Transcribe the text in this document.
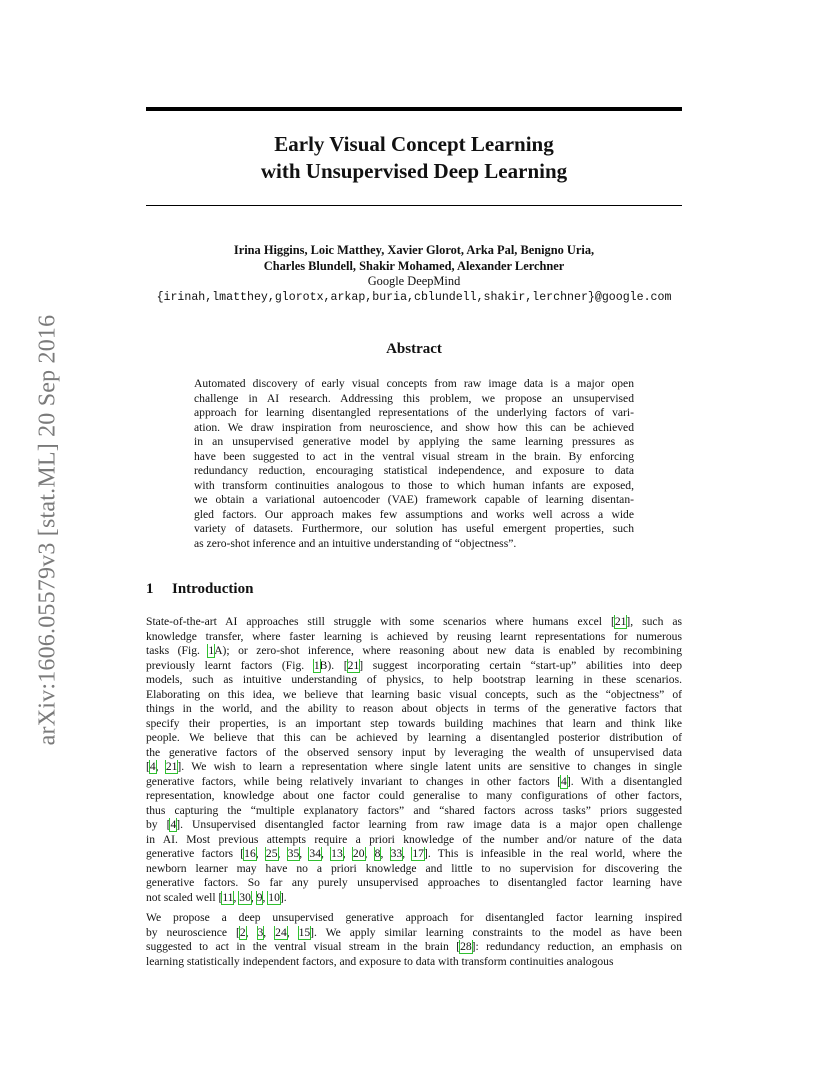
arXiv:1606.05579v3 [stat.ML] 20 Sep 2016
Early Visual Concept Learning
with Unsupervised Deep Learning
Irina Higgins, Loic Matthey, Xavier Glorot, Arka Pal, Benigno Uria,
Charles Blundell, Shakir Mohamed, Alexander Lerchner
Google DeepMind
{irinah,lmatthey,glorotx,arkap,buria,cblundell,shakir,lerchner}@google.com
Abstract
Automated discovery of early visual concepts from raw image data is a major open
challenge in AI research. Addressing this problem, we propose an unsupervised
approach for learning disentangled representations of the underlying factors of vari-
ation. We draw inspiration from neuroscience, and show how this can be achieved
in an unsupervised generative model by applying the same learning pressures as
have been suggested to act in the ventral visual stream in the brain. By enforcing
redundancy reduction, encouraging statistical independence, and exposure to data
with transform continuities analogous to those to which human infants are exposed,
we obtain a variational autoencoder (VAE) framework capable of learning disentan-
gled factors. Our approach makes few assumptions and works well across a wide
variety of datasets. Furthermore, our solution has useful emergent properties, such
as zero-shot inference and an intuitive understanding of “objectness”.
1 Introduction
State-of-the-art AI approaches still struggle with some scenarios where humans excel [21], such as
knowledge transfer, where faster learning is achieved by reusing learnt representations for numerous
tasks (Fig. 1A); or zero-shot inference, where reasoning about new data is enabled by recombining
previously learnt factors (Fig. 1B). [21] suggest incorporating certain “start-up” abilities into deep
models, such as intuitive understanding of physics, to help bootstrap learning in these scenarios.
Elaborating on this idea, we believe that learning basic visual concepts, such as the “objectness” of
things in the world, and the ability to reason about objects in terms of the generative factors that
specify their properties, is an important step towards building machines that learn and think like
people. We believe that this can be achieved by learning a disentangled posterior distribution of
the generative factors of the observed sensory input by leveraging the wealth of unsupervised data
[4, 21]. We wish to learn a representation where single latent units are sensitive to changes in single
generative factors, while being relatively invariant to changes in other factors [4]. With a disentangled
representation, knowledge about one factor could generalise to many configurations of other factors,
thus capturing the “multiple explanatory factors” and “shared factors across tasks” priors suggested
by [4]. Unsupervised disentangled factor learning from raw image data is a major open challenge
in AI. Most previous attempts require a priori knowledge of the number and/or nature of the data
generative factors [16, 25, 35, 34, 13, 20, 8, 33, 17]. This is infeasible in the real world, where the
newborn learner may have no a priori knowledge and little to no supervision for discovering the
generative factors. So far any purely unsupervised approaches to disentangled factor learning have
not scaled well [11, 30, 9, 10].
We propose a deep unsupervised generative approach for disentangled factor learning inspired
by neuroscience [2, 3, 24, 15]. We apply similar learning constraints to the model as have been
suggested to act in the ventral visual stream in the brain [28]: redundancy reduction, an emphasis on
learning statistically independent factors, and exposure to data with transform continuities analogous
